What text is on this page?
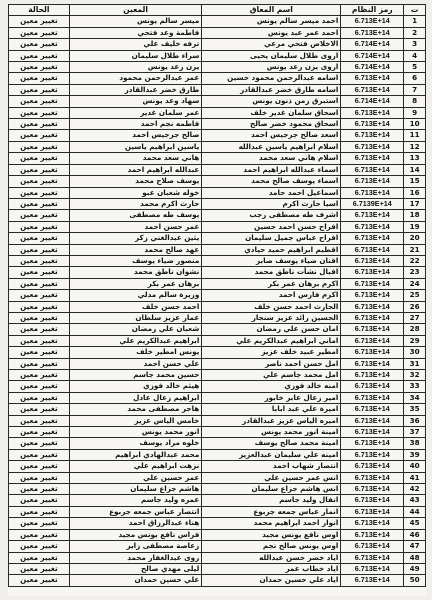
ت	رمز النظام	اسم المعاق	المعين	الحالة
1	6.713E+14	احمد ميسر سالم يونس	ميسر سالم يونس	تغيير معين
2	6.713E+14	احمد عمر عبد يونس	فاطمة وعد فتحي	تغيير معين
3	6.714E+14	الاخلاص فتحي مرعي	ترفه خليف علي	تغيير معين
4	6.714E+14	اروى طلال سليمان يحيى	سراء طلال سليمان	تغيير معين
5	6.714E+14	اروى يزن رعد يونس	يزن رعد يونس	تغيير معين
6	6.713E+14	اسامه عبدالرحمن محمود حسين	عمر عبدالرحمن محمود	تغيير معين
7	6.713E+14	اسامه طارق خضر عبدالقادر	طارق خضر عبدالقادر	تغيير معين
8	6.714E+14	استبرق زمن ذنون يونس	سهاد وعد يونس	تغيير معين
9	6.713E+14	اسحاق سلمان غدير خلف	عمر سلمان غدير	تغيير معين
10	6.713E+14	اسحاق محمود خضر صالح	فاطمه نجم احمد	تغيير معين
11	6.713E+14	اسعد صالح جرجيس احمد	صالح جرجيس احمد	تغيير معين
12	6.713E+14	اسلام ابراهيم ياسين عبدالله	ياسين ابراهيم ياسين	تغيير معين
13	6.713E+14	اسلام هاني سعد محمد	هاني سعد محمد	تغيير معين
14	6.713E+14	اسماء عبدالله ابراهيم احمد	عبدالله ابراهيم احمد	تغيير معين
15	6.713E+14	اسماء يوسف صالح محمد	يوسف صلاح محمد	تغيير معين
16	6.713E+14	اسماعيل احمد حامد	خوله شعبان عبو	تغيير معين
17	6.7139E+14	اسيا حارث اكرم	حارث اكرم محمد	تغيير معين
18	6.713E+14	اشرف طه مصطفى رجب	يوسف طه مصطفى	تغيير معين
19	6.713E+14	افراح حسن احمد حسين	عمر حسن احمد	تغيير معين
20	6.713E+14	افراح عباس جميل سليمان	يثين عبدالغني زكر	تغيير معين
21	6.713E+14	اقطيم ابراهيم حميد حيادي	عهد صالح محمد	تغيير معين
22	6.713E+14	اقنان ضياء يوسف صابر	منصور ضياء يوسف	تغيير معين
23	6.713E+14	اقبال نشأت ناطق محمد	نشوان ناطق محمد	تغيير معين
24	6.713E+14	اكرم برهان عمر بكر	برهان عمر بكر	تغيير معين
25	6.713E+14	اكرم فارس احمد	وزيرة سالم مدلي	تغيير معين
26	6.713E+14	الحارث احمد حسن خلف	احمد حسن خلف	تغيير معين
27	6.713E+14	الحسين رائد عزيز سنجار	عمار عزيز سلطان	تغيير معين
28	6.713E+14	امان حسن علي رمضان	شعبان علي رمضان	تغيير معين
29	6.713E+14	اماني ابراهيم عبدالكريم علي	ابراهيم عبدالكريم علي	تغيير معين
30	6.713E+14	امطير عبيد خلف عزيز	يونس امطير خلف	تغيير معين
31	6.713E+14	امل حسن احمد ناصر	علي حسن احمد	تغيير معين
32	6.713E+14	امل محمد جاسم علي	حسين محمد جاسم	تغيير معين
33	6.713E+14	امنه خالد فوزي	هيثم خالد فوزي	تغيير معين
34	6.713E+14	امير زعال عابر خابور	ابراهيم زعال عادل	تغيير معين
35	6.713E+14	اميرة علي عبد ابابا	هاجر مصطفى محمد	تغيير معين
36	6.713E+14	اميره الياس عزيز عبدالقادر	خامس الياس عزيز	تغيير معين
37	6.713E+14	امينة انور محمد يونس	انور محمد يونس	تغيير معين
38	6.713E+14	امينة محمد صالح يوسف	خلوه مراد يوسف	تغيير معين
39	6.713E+14	امينه علي سليمان عبدالعزيز	محمد عبدالهادي ابراهيم	تغيير معين
40	6.713E+14	انتصار شهاب احمد	نزهت ابراهيم علي	تغيير معين
41	6.713E+14	انس عمر حسين علي	عمر حسين علي	تغيير معين
42	6.713E+14	انس هاشم جزاع سليمان	هاشم جزاع سليمان	تغيير معين
43	6.713E+14	انفال وليد جاسم	عمره وليد جاسم	تغيير معين
44	6.713E+14	انمار عباس جمعه جربوع	انتصار عباس جمعه جربوع	تغيير معين
45	6.713E+14	انوار احمد ابراهيم محمد	هناء عبدالرزاق احمد	تغيير معين
46	6.713E+14	اوس نافع يونس مجيد	فراس نافع يونس مجيد	تغيير معين
47	6.713E+14	اوس يونس صالح نجم	زعاصة مصطفى زاير	تغيير معين
48	6.713E+14	اياد خضر حسن عبدالله	روى عبدالغفار محمد	تغيير معين
49	6.713E+14	اياد خطاب عمر	ليلى مهدي صالح	تغيير معين
50	6.713E+14	اياد علي حسين حمدان	علي حسين حمدان	تغيير معين
